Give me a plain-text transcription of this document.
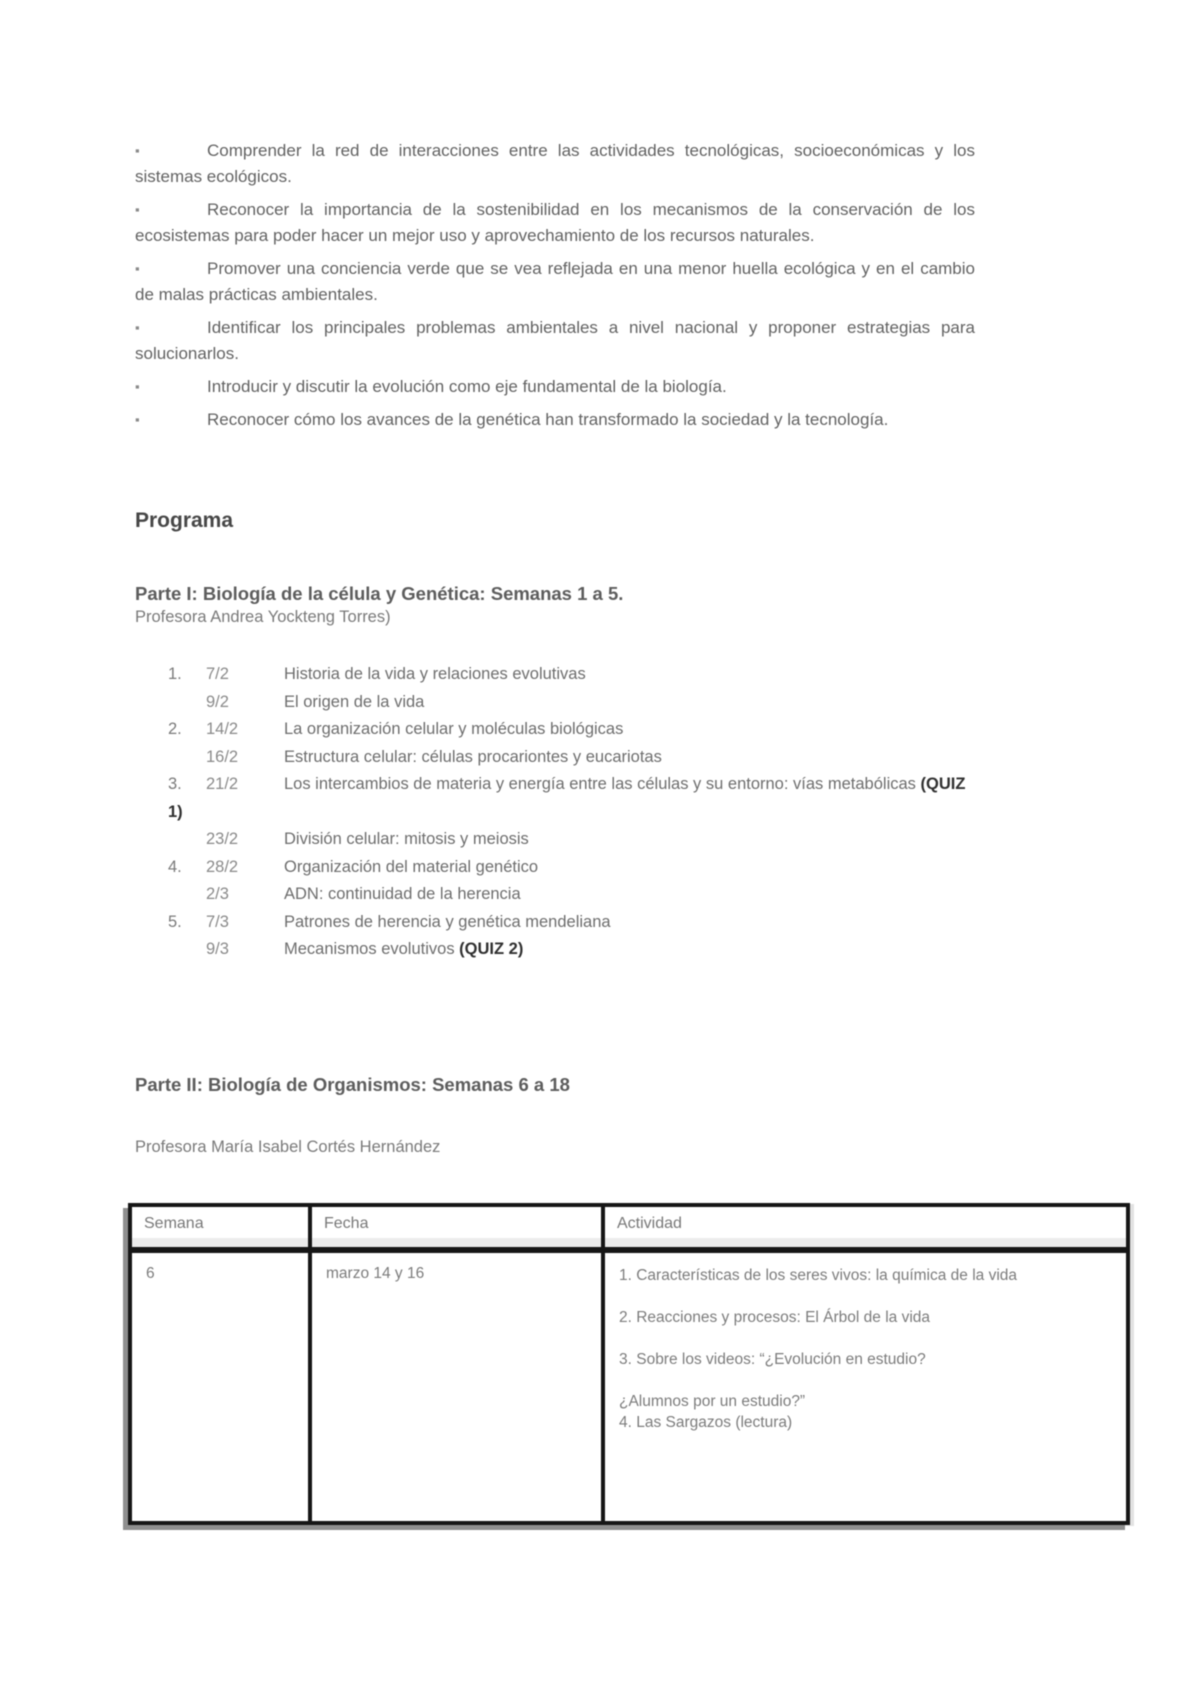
▪	Comprender la red de interacciones entre las actividades tecnológicas, socioeconómicas y los sistemas ecológicos.

▪	Reconocer la importancia de la sostenibilidad en los mecanismos de la conservación de los ecosistemas para poder hacer un mejor uso y aprovechamiento de los recursos naturales.

▪	Promover una conciencia verde que se vea reflejada en una menor huella ecológica y en el cambio de malas prácticas ambientales.

▪	Identificar los principales problemas ambientales a nivel nacional y proponer estrategias para solucionarlos.

▪	Introducir y discutir la evolución como eje fundamental de la biología.

▪	Reconocer cómo los avances de la genética han transformado la sociedad y la tecnología.

Programa

Parte I: Biología de la célula y Genética: Semanas 1 a 5.

Profesora Andrea Yockteng Torres)

1. 7/2	Historia de la vida y relaciones evolutivas

9/2	El origen de la vida

2. 14/2	La organización celular y moléculas biológicas

16/2	Estructura celular: células procariontes y eucariotas

3. 21/2	Los intercambios de materia y energía entre las células y su entorno: vías metabólicas (QUIZ 1)

23/2	División celular: mitosis y meiosis

4. 28/2	Organización del material genético

2/3	ADN: continuidad de la herencia

5. 7/3	Patrones de herencia y genética mendeliana

9/3	Mecanismos evolutivos (QUIZ 2)

Parte II: Biología de Organismos: Semanas 6 a 18

Profesora María Isabel Cortés Hernández

Semana	Fecha	Actividad
6	marzo 14 y 16	1. Características de los seres vivos: la química de la vida

2. Reacciones y procesos: El Árbol de la vida

3. Sobre los videos: “¿Evolución en estudio?

¿Alumnos por un estudio?”

4. Las Sargazos (lectura)
